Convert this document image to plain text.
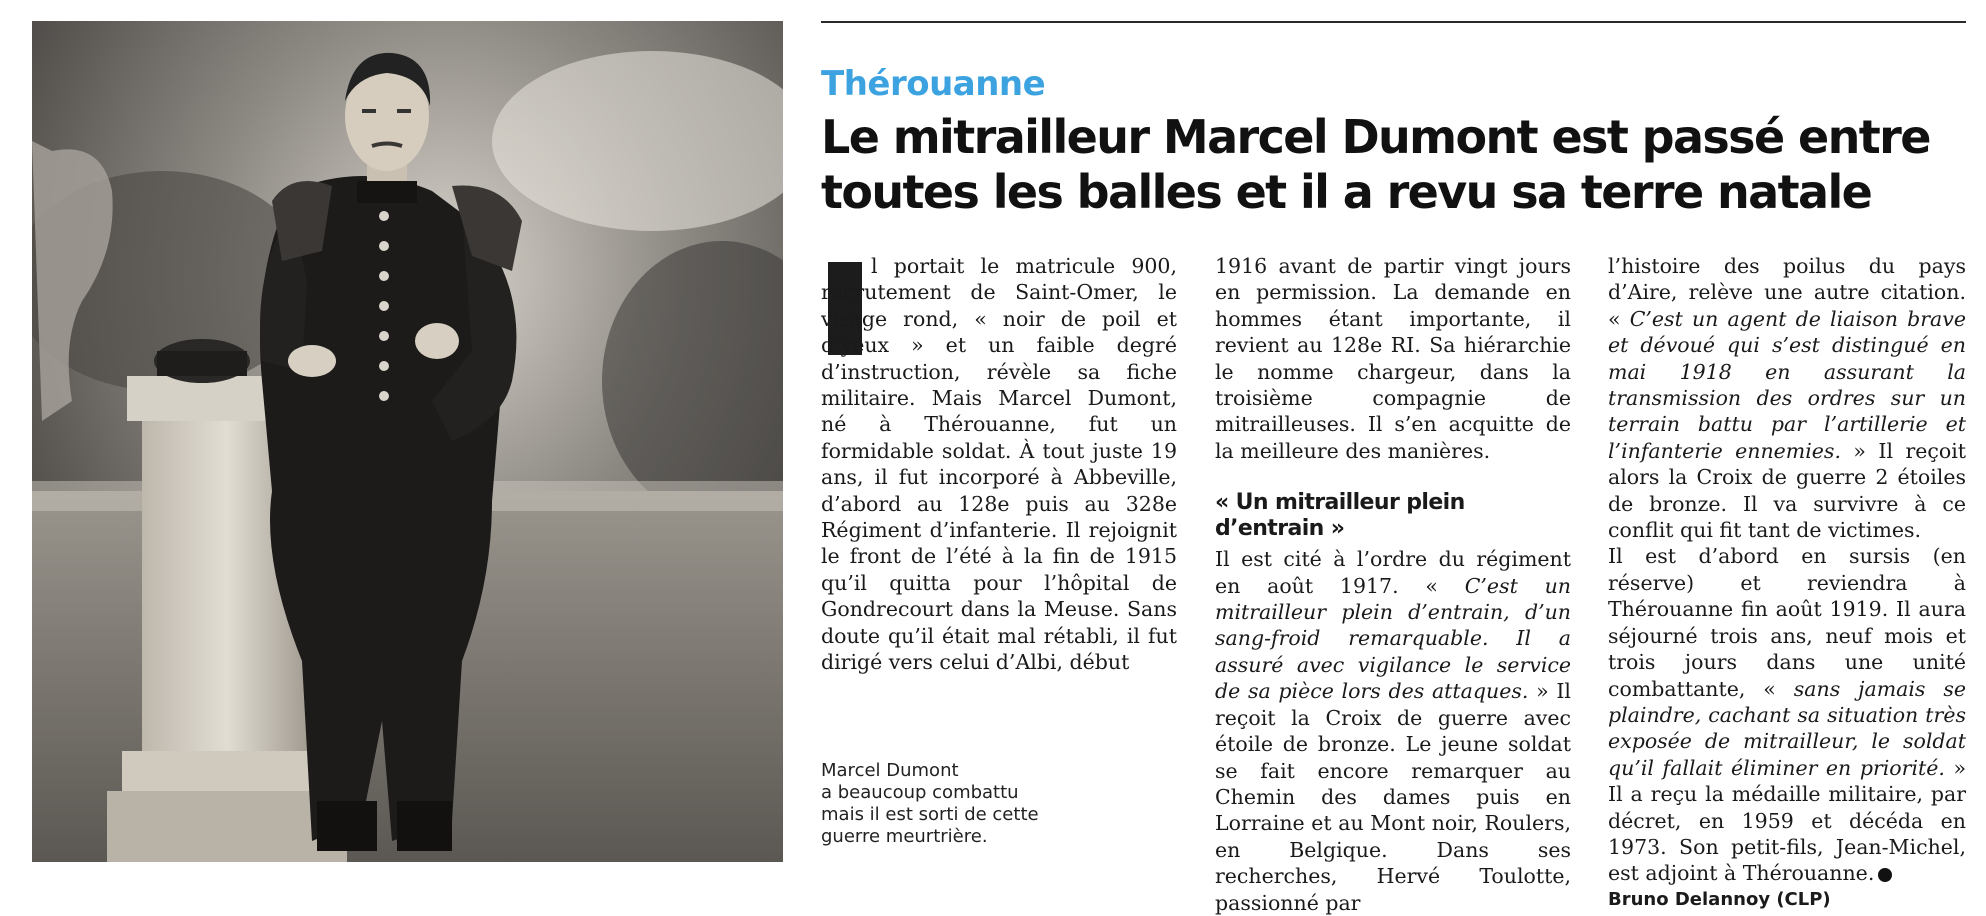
Thérouanne
Le mitrailleur Marcel Dumont est passé entre toutes les balles et il a revu sa terre natale

l portait le matricule 900, recrutement de Saint-Omer, le visage rond, « noir de poil et d’yeux » et un faible degré d’instruction, révèle sa fiche militaire. Mais Marcel Dumont, né à Thérouanne, fut un formidable soldat. À tout juste 19 ans, il fut incorporé à Abbeville, d’abord au 128e puis au 328e Régiment d’infanterie. Il rejoignit le front de l’été à la fin de 1915 qu’il quitta pour l’hôpital de Gondrecourt dans la Meuse. Sans doute qu’il était mal rétabli, il fut dirigé vers celui d’Albi, début

1916 avant de partir vingt jours en permission. La demande en hommes étant importante, il revient au 128e RI. Sa hiérarchie le nomme chargeur, dans la troisième compagnie de mitrailleuses. Il s’en acquitte de la meilleure des manières.

« Un mitrailleur plein d’entrain »

Il est cité à l’ordre du régiment en août 1917. « C’est un mitrailleur plein d’entrain, d’un sang-froid remarquable. Il a assuré avec vigilance le service de sa pièce lors des attaques. » Il reçoit la Croix de guerre avec étoile de bronze. Le jeune soldat se fait encore remarquer au Chemin des dames puis en Lorraine et au Mont noir, Roulers, en Belgique. Dans ses recherches, Hervé Toulotte, passionné par

l’histoire des poilus du pays d’Aire, relève une autre citation. « C’est un agent de liaison brave et dévoué qui s’est distingué en mai 1918 en assurant la transmission des ordres sur un terrain battu par l’artillerie et l’infanterie ennemies. » Il reçoit alors la Croix de guerre 2 étoiles de bronze. Il va survivre à ce conflit qui fit tant de victimes.

Il est d’abord en sursis (en réserve) et reviendra à Thérouanne fin août 1919. Il aura séjourné trois ans, neuf mois et trois jours dans une unité combattante, « sans jamais se plaindre, cachant sa situation très exposée de mitrailleur, le soldat qu’il fallait éliminer en priorité. » Il a reçu la médaille militaire, par décret, en 1959 et décéda en 1973. Son petit-fils, Jean-Michel, est adjoint à Thérouanne.

Bruno Delannoy (CLP)

Marcel Dumont

a beaucoup combattu

mais il est sorti de cette

guerre meurtrière.
